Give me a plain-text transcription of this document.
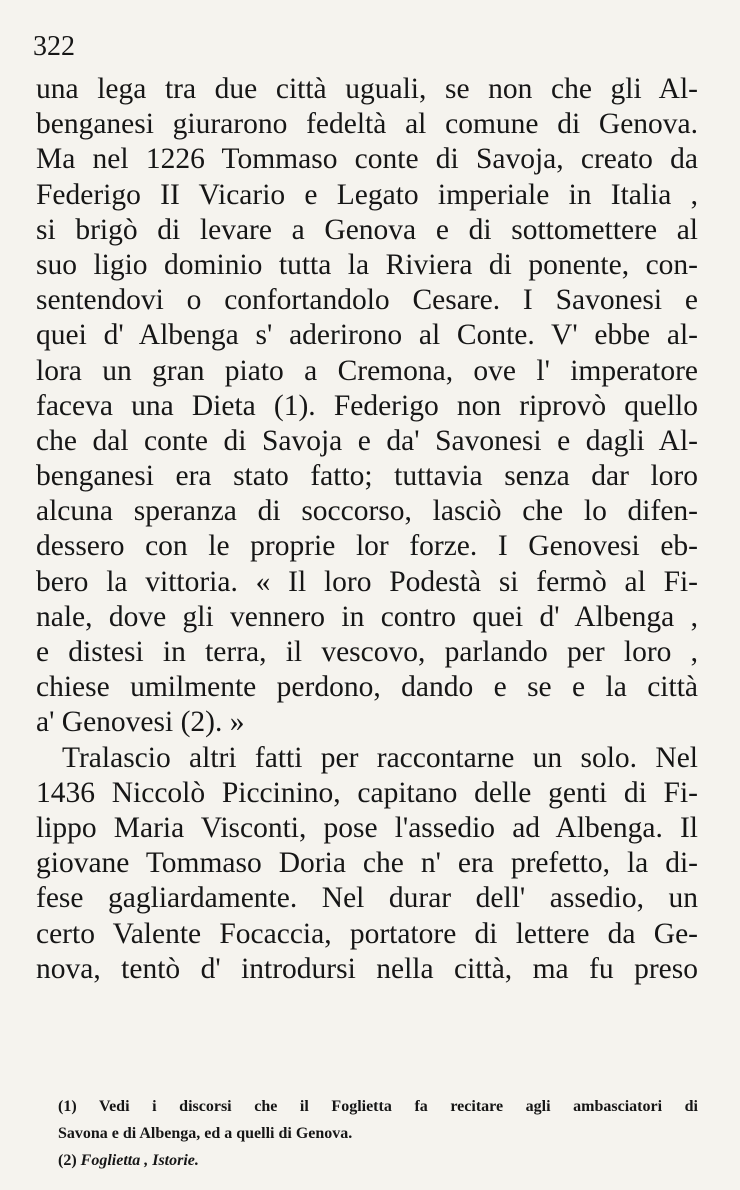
322
una lega tra due città uguali, se non che gli Al-
benganesi giurarono fedeltà al comune di Genova.
Ma nel 1226 Tommaso conte di Savoja, creato da
Federigo II Vicario e Legato imperiale in Italia ,
si brigò di levare a Genova e di sottomettere al
suo ligio dominio tutta la Riviera di ponente, con-
sentendovi o confortandolo Cesare. I Savonesi e
quei d' Albenga s' aderirono al Conte. V' ebbe al-
lora un gran piato a Cremona, ove l' imperatore
faceva una Dieta (1). Federigo non riprovò quello
che dal conte di Savoja e da' Savonesi e dagli Al-
benganesi era stato fatto; tuttavia senza dar loro
alcuna speranza di soccorso, lasciò che lo difen-
dessero con le proprie lor forze. I Genovesi eb-
bero la vittoria. « Il loro Podestà si fermò al Fi-
nale, dove gli vennero in contro quei d' Albenga ,
e distesi in terra, il vescovo, parlando per loro ,
chiese umilmente perdono, dando e se e la città
a' Genovesi (2). »
Tralascio altri fatti per raccontarne un solo. Nel
1436 Niccolò Piccinino, capitano delle genti di Fi-
lippo Maria Visconti, pose l'assedio ad Albenga. Il
giovane Tommaso Doria che n' era prefetto, la di-
fese gagliardamente. Nel durar dell' assedio, un
certo Valente Focaccia, portatore di lettere da Ge-
nova, tentò d' introdursi nella città, ma fu preso
(1) Vedi i discorsi che il Foglietta fa recitare agli ambasciatori di
Savona e di Albenga, ed a quelli di Genova.
(2) Foglietta , Istorie.
